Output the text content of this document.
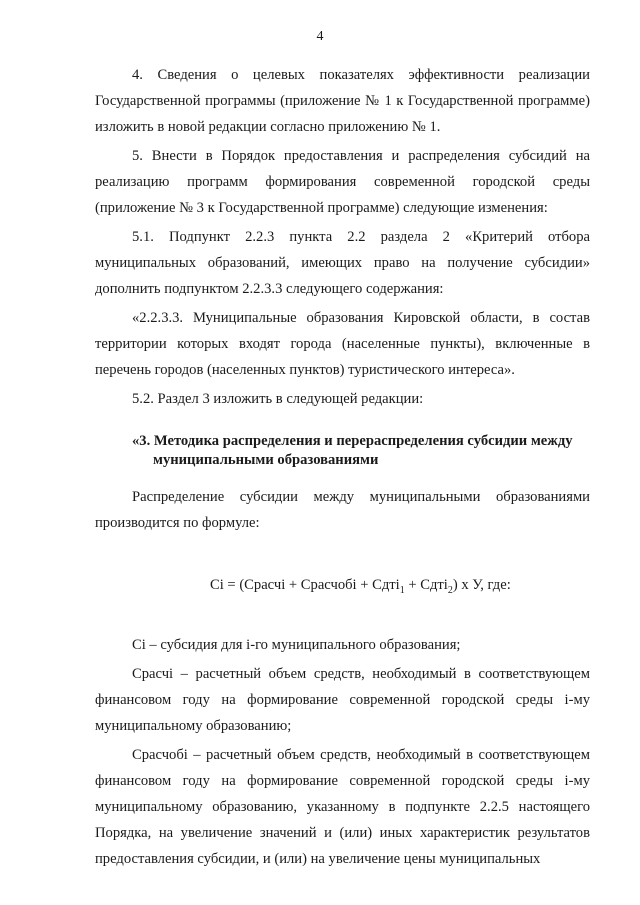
4

4. Сведения о целевых показателях эффективности реализации Государственной программы (приложение № 1 к Государственной программе) изложить в новой редакции согласно приложению № 1.

5. Внести в Порядок предоставления и распределения субсидий на реализацию программ формирования современной городской среды (приложение № 3 к Государственной программе) следующие изменения:

5.1. Подпункт 2.2.3 пункта 2.2 раздела 2 «Критерий отбора муниципальных образований, имеющих право на получение субсидии» дополнить подпунктом 2.2.3.3 следующего содержания:

«2.2.3.3. Муниципальные образования Кировской области, в состав территории которых входят города (населенные пункты), включенные в перечень городов (населенных пунктов) туристического интереса».

5.2. Раздел 3 изложить в следующей редакции:

«3. Методика распределения и перераспределения субсидии между
муниципальными образованиями

Распределение субсидии между муниципальными образованиями производится по формуле:

Ci = (Срасчi + Срасчобi + Сдтi$_1$ + Сдтi$_2$) х У, где:

Ci – субсидия для i-го муниципального образования;

Срасчi – расчетный объем средств, необходимый в соответствующем финансовом году на формирование современной городской среды i-му муниципальному образованию;

Срасчобi – расчетный объем средств, необходимый в соответствующем финансовом году на формирование современной городской среды i-му муниципальному образованию, указанному в подпункте 2.2.5 настоящего Порядка, на увеличение значений и (или) иных характеристик результатов предоставления субсидии, и (или) на увеличение цены муниципальных
